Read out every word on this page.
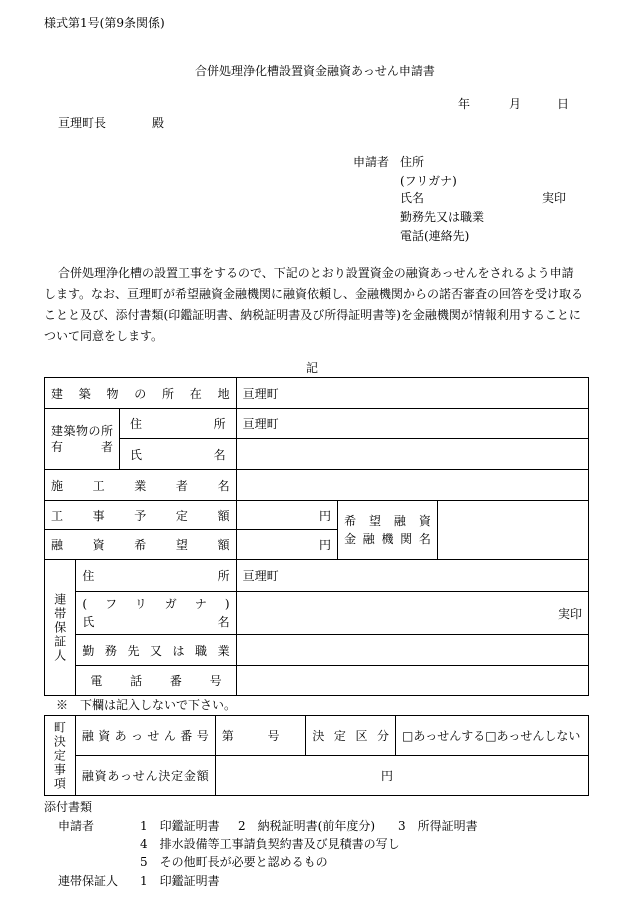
様式第1号(第9条関係)
合併処理浄化槽設置資金融資あっせん申請書
年	月	日
亘理町長	殿
申請者 住所
(フリガナ)
氏名	実印
勤務先又は職業
電話(連絡先)
合併処理浄化槽の設置工事をするので、下記のとおり設置資金の融資あっせんをされるよう申請します。なお、亘理町が希望融資金融機関に融資依頼し、金融機関からの諾否審査の回答を受け取ることと及び、添付書類(印鑑証明書、納税証明書及び所得証明書等)を金融機関が情報利用することについて同意をします。
記
建築物の所在地			亘理町		

建築物の所有者		住所	亘理町		

		氏名			

施工業者名					

工事予定額			円	希望融資
金融機関名	

融資希望額			円		
連帯保証人	住所		亘理町		

	(フリガナ)
氏名		実印		

	勤務先又は職業				

	電話番号				

※　下欄は記入しないで下さい。
町決定事項	融資あっせん番号	第 号	決定区分	□あっせんする□あっせんしない

	融資あっせん決定金額	円		
添付書類
申請者	1　 印鑑証明書 2　 納税証明書(前年度分) 3　 所得証明書
4　 排水設備等工事請負契約書及び見積書の写し
5　 その他町長が必要と認めるもの
連帯保証人 1　 印鑑証明書
